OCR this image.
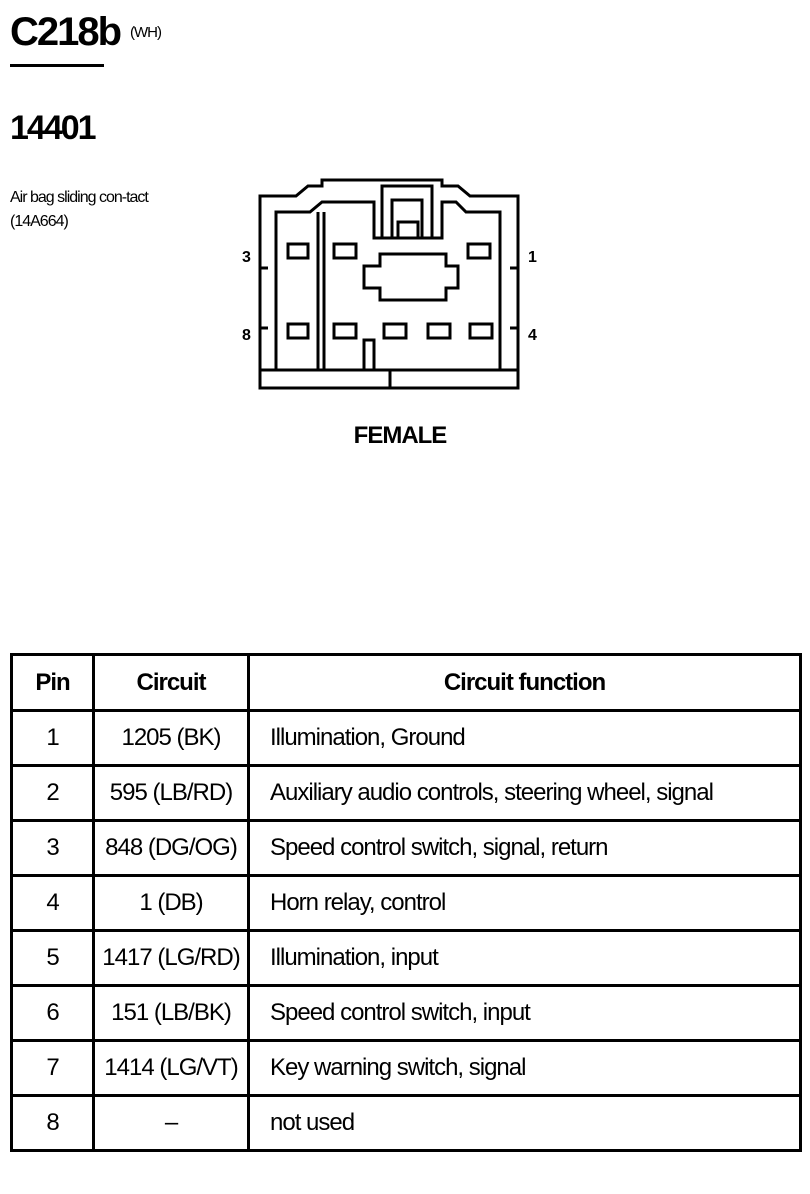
C218b (WH)
14401
Air bag sliding con-tact (14A664)
3
8
1
4
FEMALE
Pin	Circuit	Circuit function
1	1205 (BK)	Illumination, Ground
2	595 (LB/RD)	Auxiliary audio controls, steering wheel, signal
3	848 (DG/OG)	Speed control switch, signal, return
4	1 (DB)	Horn relay, control
5	1417 (LG/RD)	Illumination, input
6	151 (LB/BK)	Speed control switch, input
7	1414 (LG/VT)	Key warning switch, signal
8	–	not used
